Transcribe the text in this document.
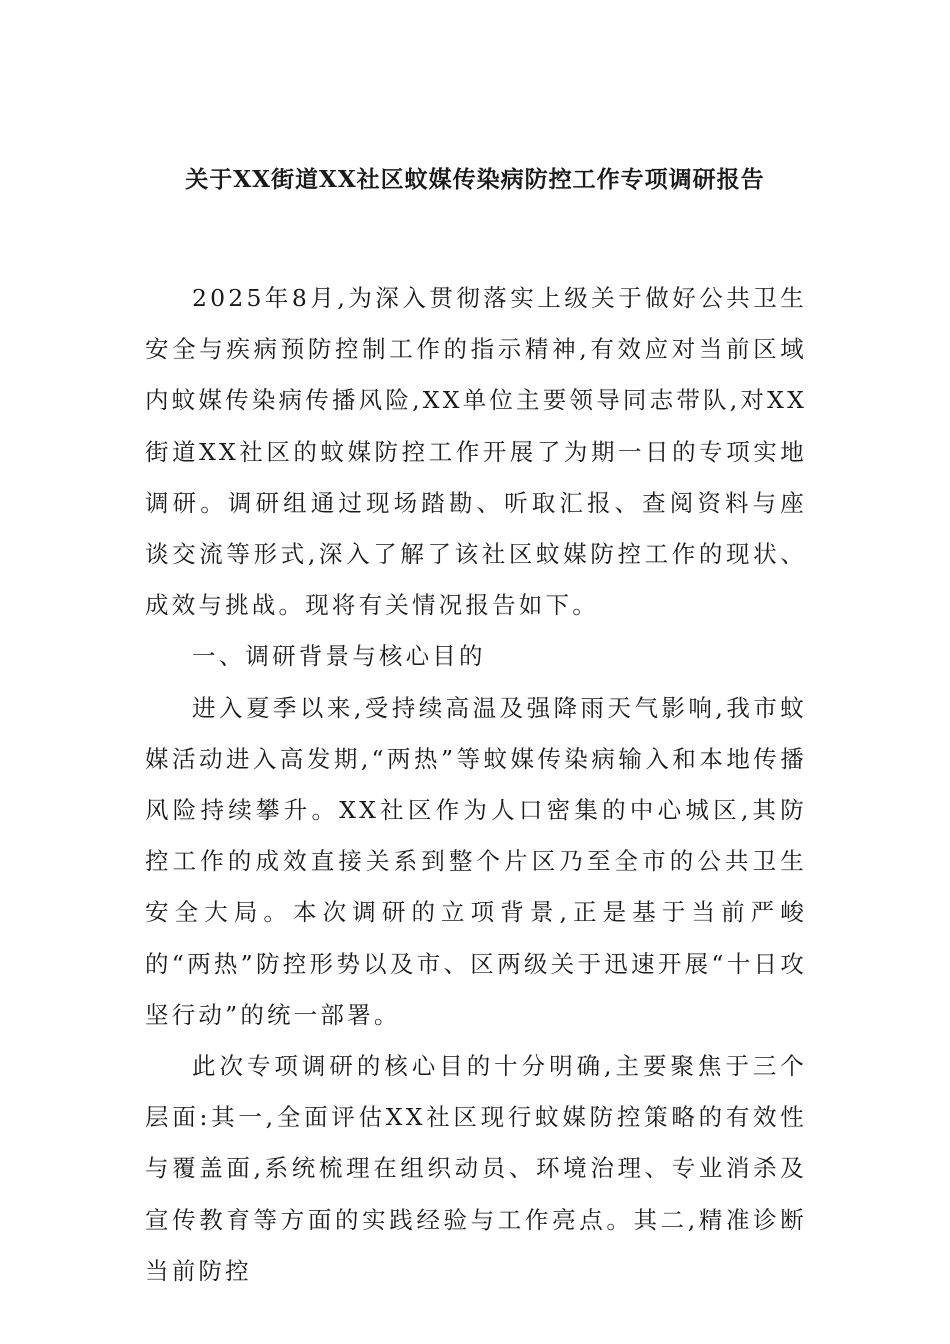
关于XX街道XX社区蚊媒传染病防控工作专项调研报告

2025年8月,为深入贯彻落实上级关于做好公共卫生安全与疾病预防控制工作的指示精神,有效应对当前区域内蚊媒传染病传播风险,XX单位主要领导同志带队,对XX街道XX社区的蚊媒防控工作开展了为期一日的专项实地调研。调研组通过现场踏勘、听取汇报、查阅资料与座谈交流等形式,深入了解了该社区蚊媒防控工作的现状、成效与挑战。现将有关情况报告如下。

一、调研背景与核心目的

进入夏季以来,受持续高温及强降雨天气影响,我市蚊媒活动进入高发期,“两热”等蚊媒传染病输入和本地传播风险持续攀升。XX社区作为人口密集的中心城区,其防控工作的成效直接关系到整个片区乃至全市的公共卫生安全大局。本次调研的立项背景,正是基于当前严峻的“两热”防控形势以及市、区两级关于迅速开展“十日攻坚行动”的统一部署。

此次专项调研的核心目的十分明确,主要聚焦于三个层面:其一,全面评估XX社区现行蚊媒防控策略的有效性与覆盖面,系统梳理在组织动员、环境治理、专业消杀及宣传教育等方面的实践经验与工作亮点。其二,精准诊断当前防控
